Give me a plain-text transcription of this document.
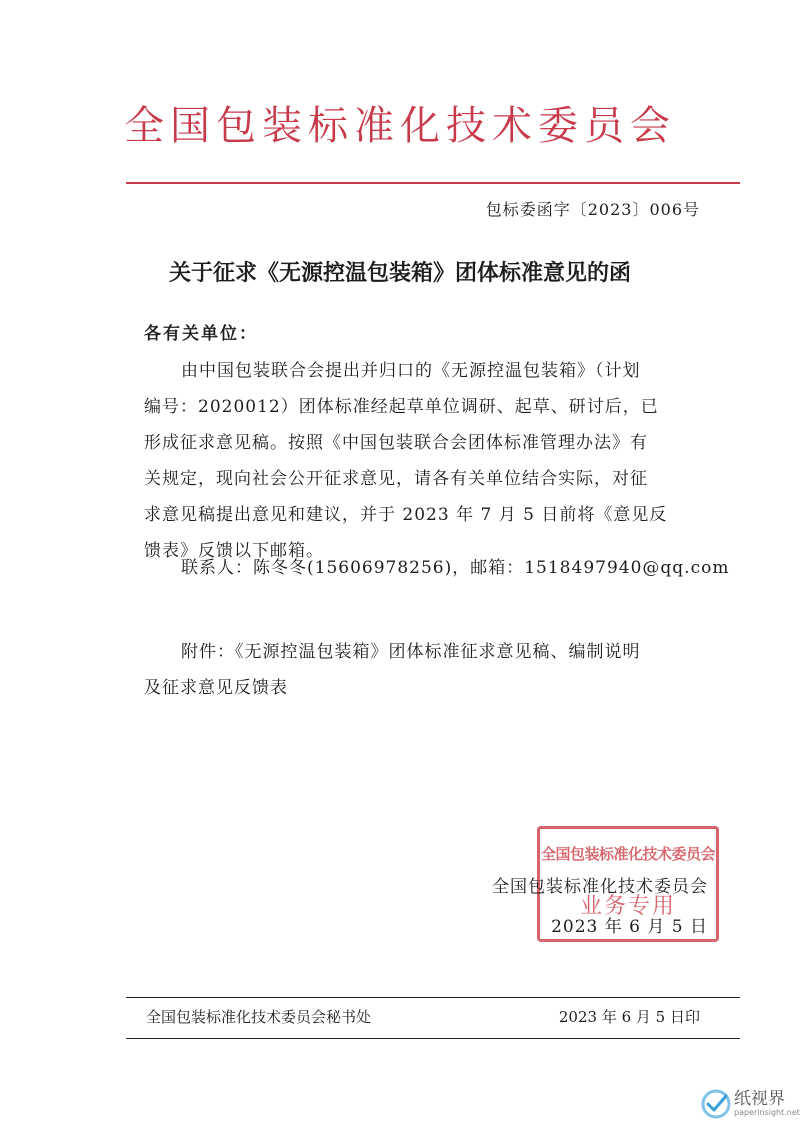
全国包装标准化技术委员会
包标委函字〔2023〕006号
关于征求《无源控温包装箱》团体标准意见的函
各有关单位：
由中国包装联合会提出并归口的《无源控温包装箱》（计划
编号：2020012）团体标准经起草单位调研、起草、研讨后，已
形成征求意见稿。按照《中国包装联合会团体标准管理办法》有
关规定，现向社会公开征求意见，请各有关单位结合实际，对征
求意见稿提出意见和建议，并于 2023 年 7 月 5 日前将《意见反
馈表》反馈以下邮箱。
联系人：陈冬冬(15606978256)，邮箱：1518497940@qq.com
附件：《无源控温包装箱》团体标准征求意见稿、编制说明
及征求意见反馈表
全国包装标准化技术委员会
业务专用
全国包装标准化技术委员会
2023 年 6 月 5 日
全国包装标准化技术委员会秘书处	2023 年 6 月 5 日印
纸视界
paperinsight.net
